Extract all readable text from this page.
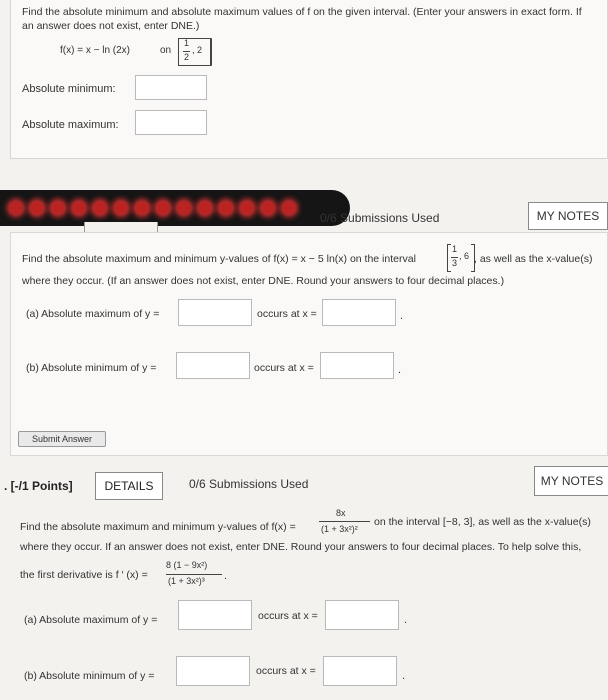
Find the absolute minimum and absolute maximum values of f on the given interval. (Enter your answers in exact form. If
an answer does not exist, enter DNE.)
f(x) = x − ln (2x)	on
1
2
, 2
Absolute minimum:
Absolute maximum:
0/6 Submissions Used	MY NOTES
Find the absolute maximum and minimum y-values of f(x) = x − 5 ln(x) on the interval
1
3
, 6 , as well as the x-value(s)
where they occur. (If an answer does not exist, enter DNE. Round your answers to four decimal places.)
(a) Absolute maximum of y =	occurs at x =	.
(b) Absolute minimum of y =	occurs at x =	.
Submit Answer
. [-/1 Points]	DETAILS	0/6 Submissions Used	MY NOTES
Find the absolute maximum and minimum y-values of f(x) =
8x
(1 + 3x²)²
on the interval [−8, 3], as well as the x-value(s)
where they occur. If an answer does not exist, enter DNE. Round your answers to four decimal places. To help solve this,
the first derivative is f ′ (x) =
8 (1 − 9x²)
(1 + 3x²)³ .
(a) Absolute maximum of y =	occurs at x =	.
(b) Absolute minimum of y =	occurs at x =	.
